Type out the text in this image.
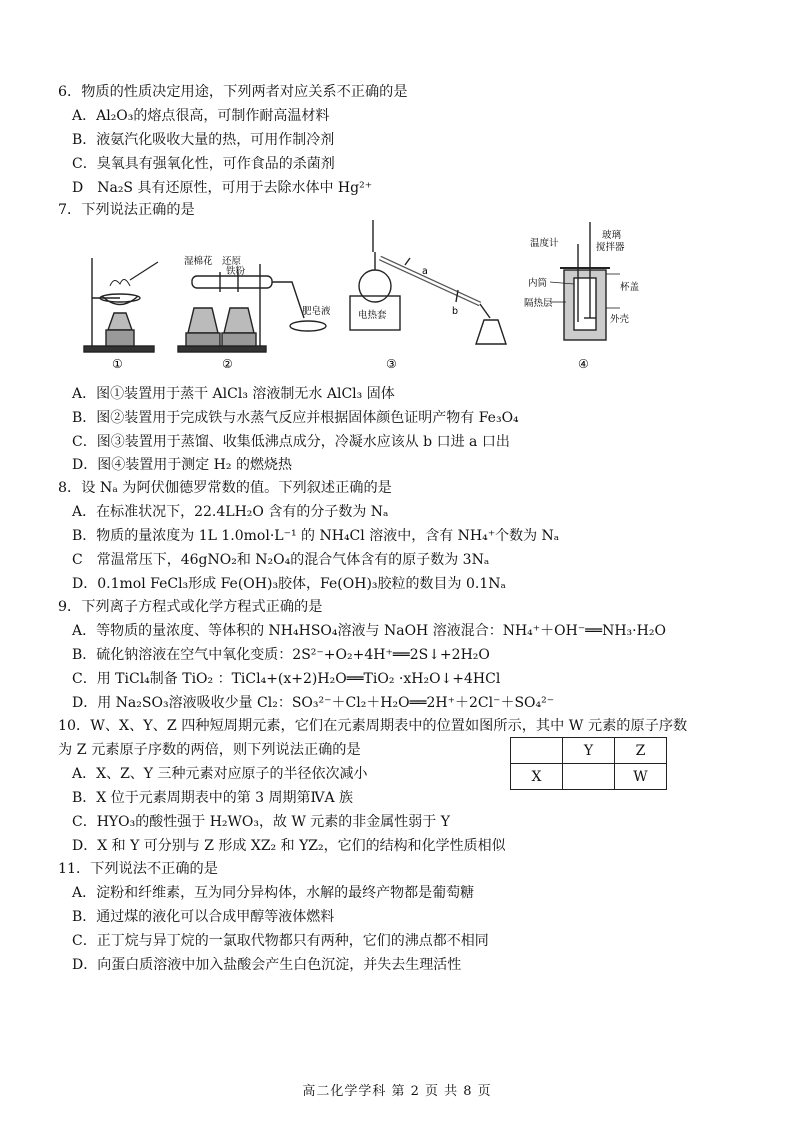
6．物质的性质决定用途，下列两者对应关系不正确的是
A．Al₂O₃的熔点很高，可制作耐高温材料
B．液氨汽化吸收大量的热，可用作制冷剂
C．臭氧具有强氧化性，可作食品的杀菌剂
D　Na₂S 具有还原性，可用于去除水体中 Hg²⁺
7．下列说法正确的是
①	②	③	④
湿棉花 还原
铁粉
肥皂液	电热套
a
b
温度计
玻璃
搅拌器
内筒	杯盖
隔热层
外壳
A．图①装置用于蒸干 AlCl₃ 溶液制无水 AlCl₃ 固体
B．图②装置用于完成铁与水蒸气反应并根据固体颜色证明产物有 Fe₃O₄
C．图③装置用于蒸馏、收集低沸点成分，冷凝水应该从 b 口进 a 口出
D．图④装置用于测定 H₂ 的燃烧热
8．设 Nₐ 为阿伏伽德罗常数的值。下列叙述正确的是
A．在标准状况下，22.4LH₂O 含有的分子数为 Nₐ
B．物质的量浓度为 1L 1.0mol·L⁻¹ 的 NH₄Cl 溶液中，含有 NH₄⁺个数为 Nₐ
C　常温常压下，46gNO₂和 N₂O₄的混合气体含有的原子数为 3Nₐ
D．0.1mol FeCl₃形成 Fe(OH)₃胶体，Fe(OH)₃胶粒的数目为 0.1Nₐ
9．下列离子方程式或化学方程式正确的是
A．等物质的量浓度、等体积的 NH₄HSO₄溶液与 NaOH 溶液混合：NH₄⁺＋OH⁻══NH₃·H₂O
B．硫化钠溶液在空气中氧化变质：2S²⁻+O₂+4H⁺══2S↓+2H₂O
C．用 TiCl₄制备 TiO₂ ：TiCl₄+(x+2)H₂O══TiO₂ ·xH₂O↓+4HCl
D．用 Na₂SO₃溶液吸收少量 Cl₂：SO₃²⁻＋Cl₂＋H₂O══2H⁺＋2Cl⁻＋SO₄²⁻
10．W、X、Y、Z 四种短周期元素，它们在元素周期表中的位置如图所示，其中 W 元素的原子序数
为 Z 元素原子序数的两倍，则下列说法正确的是
		Y	Z
X		W
A．X、Z、Y 三种元素对应原子的半径依次减小
B．X 位于元素周期表中的第 3 周期第ⅣA 族
C．HYO₃的酸性强于 H₂WO₃，故 W 元素的非金属性弱于 Y
D．X 和 Y 可分别与 Z 形成 XZ₂ 和 YZ₂，它们的结构和化学性质相似
11．下列说法不正确的是
A．淀粉和纤维素，互为同分异构体，水解的最终产物都是葡萄糖
B．通过煤的液化可以合成甲醇等液体燃料
C．正丁烷与异丁烷的一氯取代物都只有两种，它们的沸点都不相同
D．向蛋白质溶液中加入盐酸会产生白色沉淀，并失去生理活性
高二化学学科 第 2 页 共 8 页
